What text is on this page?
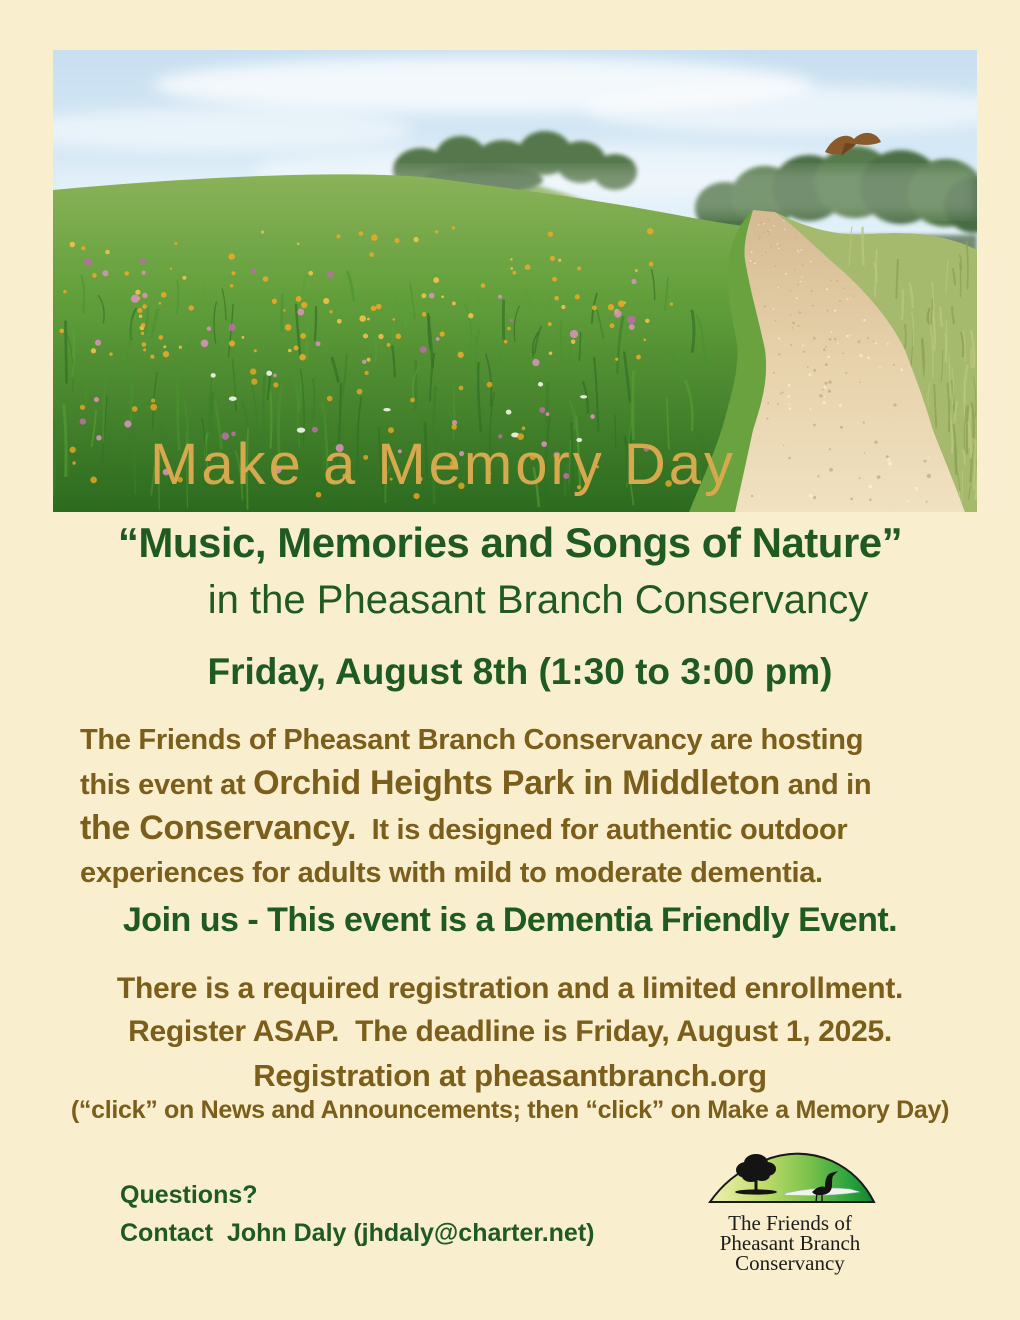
Make a Memory Day
“Music, Memories and Songs of Nature”
in the Pheasant Branch Conservancy
Friday, August 8th (1:30 to 3:00 pm)
The Friends of Pheasant Branch Conservancy are hosting
this event at Orchid Heights Park in Middleton and in
the Conservancy.  It is designed for authentic outdoor
experiences for adults with mild to moderate dementia.
Join us - This event is a Dementia Friendly Event.
There is a required registration and a limited enrollment.
Register ASAP.  The deadline is Friday, August 1, 2025.
Registration at pheasantbranch.org
(“click” on News and Announcements; then “click” on Make a Memory Day)
Questions?
Contact  John Daly (jhdaly@charter.net)	The Friends of
Pheasant Branch
Conservancy
